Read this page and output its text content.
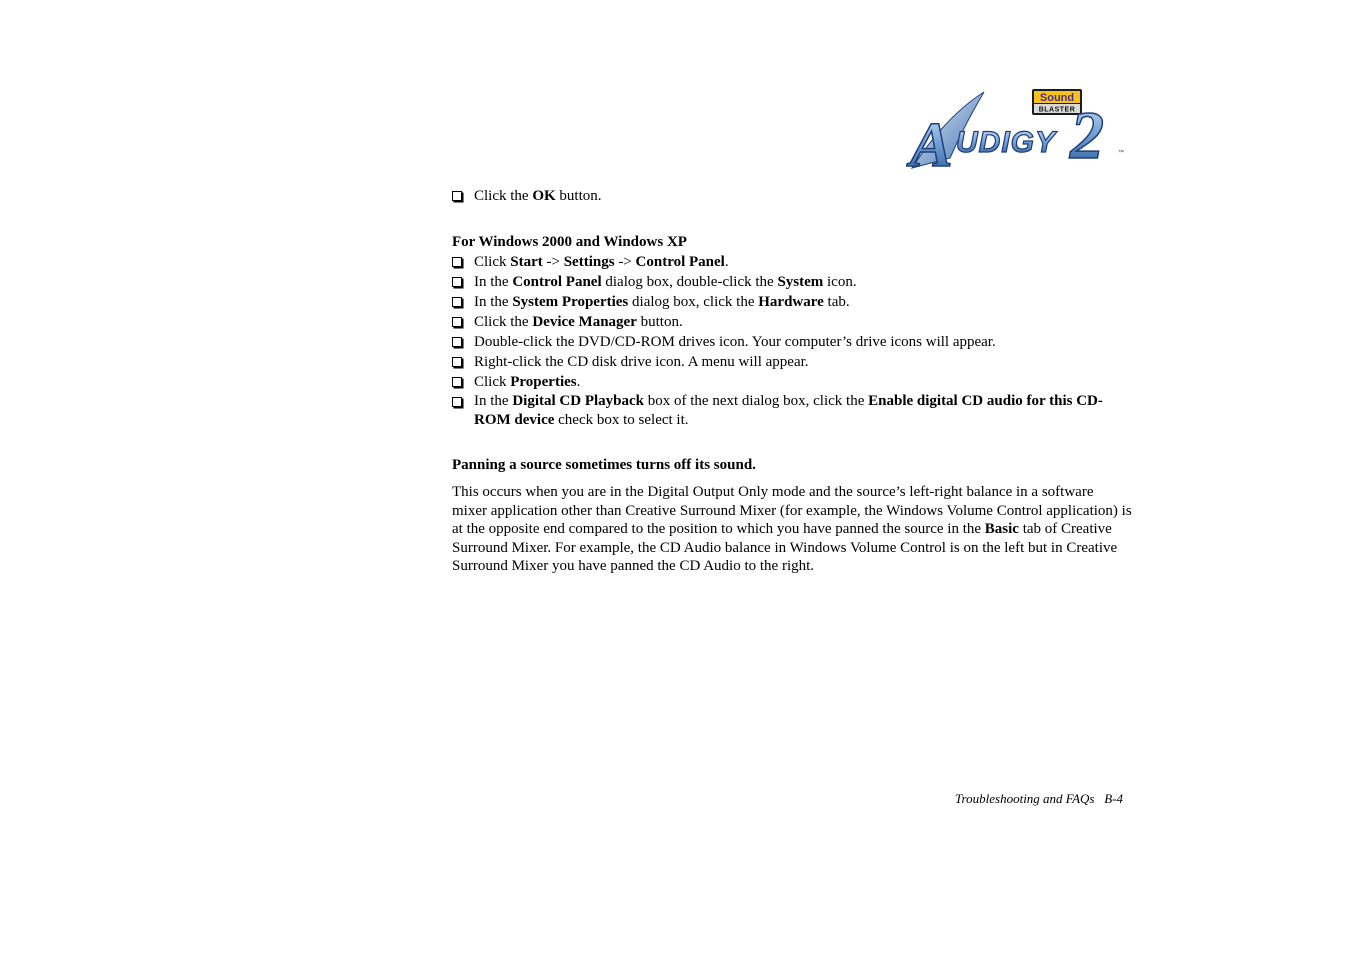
Sound
BLASTER
A UDIGY 2 ™
Click the OK button.
For Windows 2000 and Windows XP
Click Start -> Settings -> Control Panel.
In the Control Panel dialog box, double-click the System icon.
In the System Properties dialog box, click the Hardware tab.
Click the Device Manager button.
Double-click the DVD/CD-ROM drives icon. Your computer’s drive icons will appear.
Right-click the CD disk drive icon. A menu will appear.
Click Properties.
In the Digital CD Playback box of the next dialog box, click the Enable digital CD audio for this CD-ROM device check box to select it.
Panning a source sometimes turns off its sound.
This occurs when you are in the Digital Output Only mode and the source’s left-right balance in a software mixer application other than Creative Surround Mixer (for example, the Windows Volume Control application) is at the opposite end compared to the position to which you have panned the source in the Basic tab of Creative Surround Mixer. For example, the CD Audio balance in Windows Volume Control is on the left but in Creative Surround Mixer you have panned the CD Audio to the right.
Troubleshooting and FAQs B-4
